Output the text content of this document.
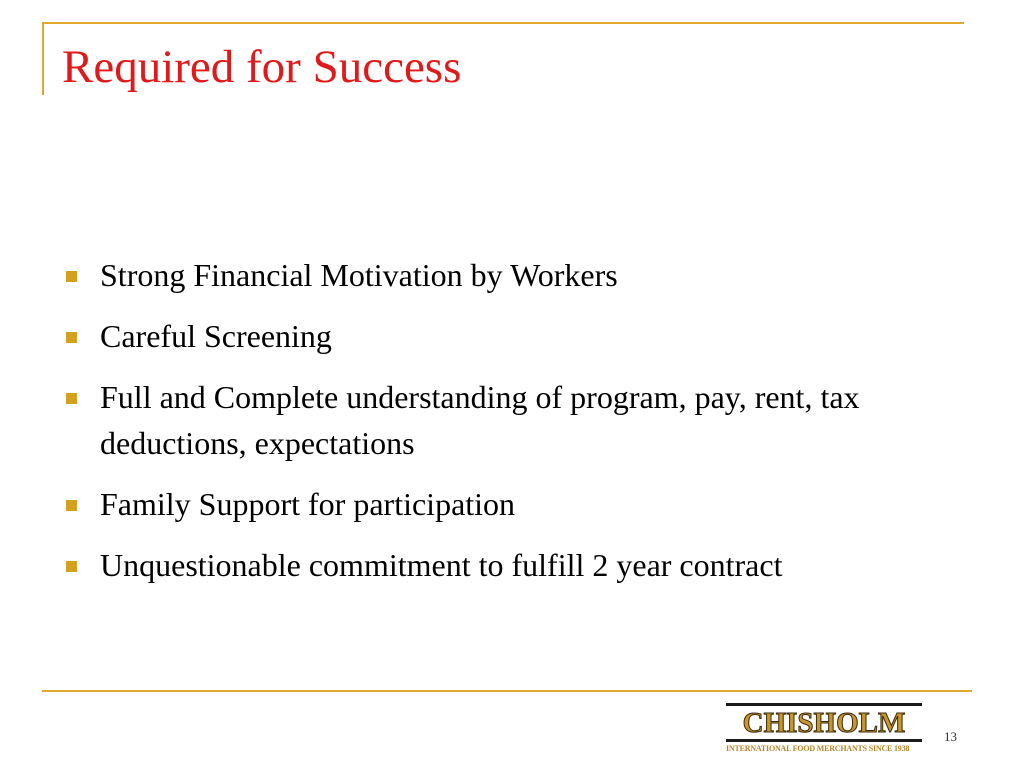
Required for Success
Strong Financial Motivation by Workers
Careful Screening
Full and Complete understanding of program, pay, rent, tax deductions, expectations
Family Support for participation
Unquestionable commitment to fulfill 2 year contract
CHISHOLM
INTERNATIONAL FOOD MERCHANTS SINCE 1938
13
